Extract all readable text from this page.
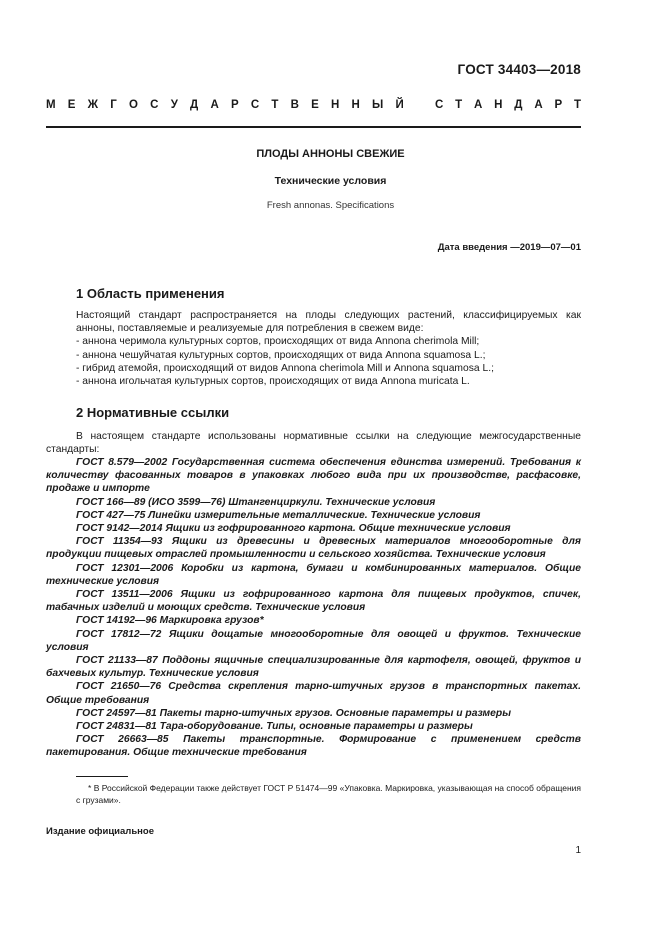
ГОСТ 34403—2018
М Е Ж Г О С У Д А Р С Т В Е Н Н Ы Й	С Т А Н Д А Р Т
ПЛОДЫ АННОНЫ СВЕЖИЕ
Технические условия
Fresh annonas. Specifications
Дата введения —2019—07—01
1 Область применения

Настоящий стандарт распространяется на плоды следующих растений, классифицируемых как

анноны, поставляемые и реализуемые для потребления в свежем виде:

- аннона черимола культурных сортов, происходящих от вида Annona cherimola Mill;

- аннона чешуйчатая культурных сортов, происходящих от вида Annona squamosa L.;

- гибрид атемойя, происходящий от видов Annona cherimola Mill и Annona squamosa L.;

- аннона игольчатая культурных сортов, происходящих от вида Annona muricata L.

2 Нормативные ссылки

В настоящем стандарте использованы нормативные ссылки на следующие межгосударственные

стандарты:

ГОСТ 8.579—2002 Государственная система обеспечения единства измерений. Требования к количеству фасованных товаров в упаковках любого вида при их производстве, расфасовке, продаже и импорте

ГОСТ 166—89 (ИСО 3599—76) Штангенциркули. Технические условия

ГОСТ 427—75 Линейки измерительные металлические. Технические условия

ГОСТ 9142—2014 Ящики из гофрированного картона. Общие технические условия

ГОСТ 11354—93 Ящики из древесины и древесных материалов многооборотные для продукции пищевых отраслей промышленности и сельского хозяйства. Технические условия

ГОСТ 12301—2006 Коробки из картона, бумаги и комбинированных материалов. Общие технические условия

ГОСТ 13511—2006 Ящики из гофрированного картона для пищевых продуктов, спичек, табачных изделий и моющих средств. Технические условия

ГОСТ 14192—96 Маркировка грузов*

ГОСТ 17812—72 Ящики дощатые многооборотные для овощей и фруктов. Технические условия

ГОСТ 21133—87 Поддоны ящичные специализированные для картофеля, овощей, фруктов и бахчевых культур. Технические условия

ГОСТ 21650—76 Средства скрепления тарно-штучных грузов в транспортных пакетах. Общие требования

ГОСТ 24597—81 Пакеты тарно-штучных грузов. Основные параметры и размеры

ГОСТ 24831—81 Тара-оборудование. Типы, основные параметры и размеры

ГОСТ 26663—85 Пакеты транспортные. Формирование с применением средств пакетирования. Общие технические требования

* В Российской Федерации также действует ГОСТ Р 51474—99 «Упаковка. Маркировка, указывающая на способ обращения с грузами».

Издание официальное
1
